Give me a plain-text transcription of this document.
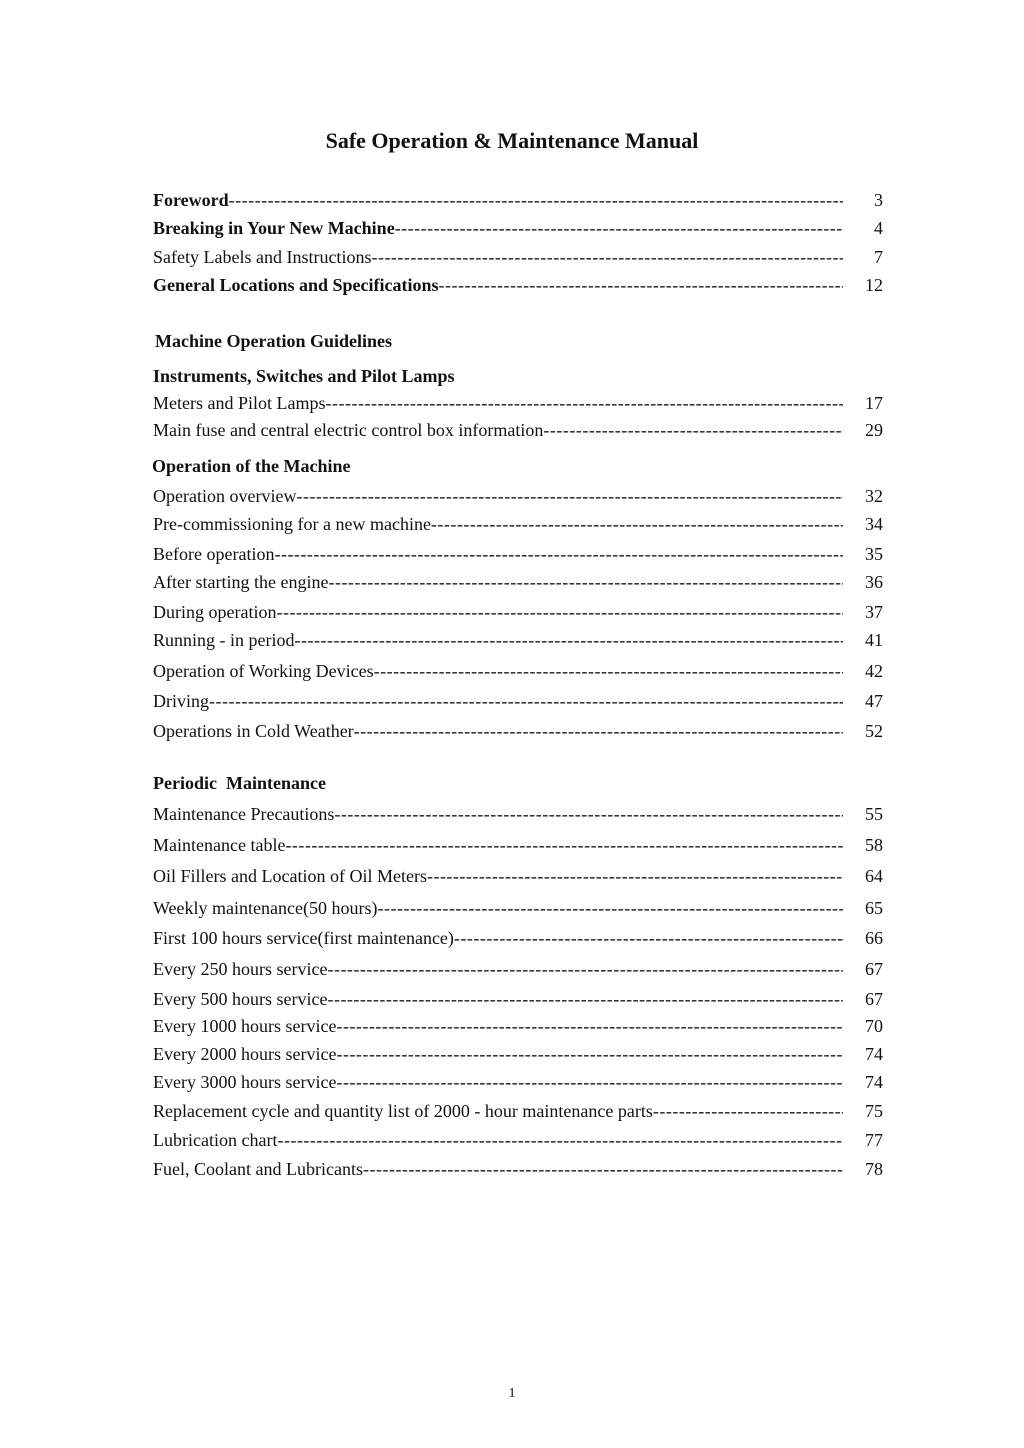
Safe Operation & Maintenance Manual
Foreword -----	3
Breaking in Your New Machine -----	4
Safety Labels and Instructions -----	7
General Locations and Specifications -----	12
Machine Operation Guidelines
Instruments, Switches and Pilot Lamps
Meters and Pilot Lamps -----	17
Main fuse and central electric control box information -----	29
Operation of the Machine
Operation overview -----	32
Pre-commissioning for a new machine -----	34
Before operation -----	35
After starting the engine -----	36
During operation -----	37
Running - in period -----	41
Operation of Working Devices -----	42
Driving -----	47
Operations in Cold Weather -----	52
Periodic  Maintenance
Maintenance Precautions -----	55
Maintenance table -----	58
Oil Fillers and Location of Oil Meters -----	64
Weekly maintenance(50 hours) -----	65
First 100 hours service(first maintenance) -----	66
Every 250 hours service -----	67
Every 500 hours service -----	67
Every 1000 hours service -----	70
Every 2000 hours service -----	74
Every 3000 hours service -----	74
Replacement cycle and quantity list of 2000 - hour maintenance parts -----	75
Lubrication chart -----	77
Fuel, Coolant and Lubricants -----	78
1
